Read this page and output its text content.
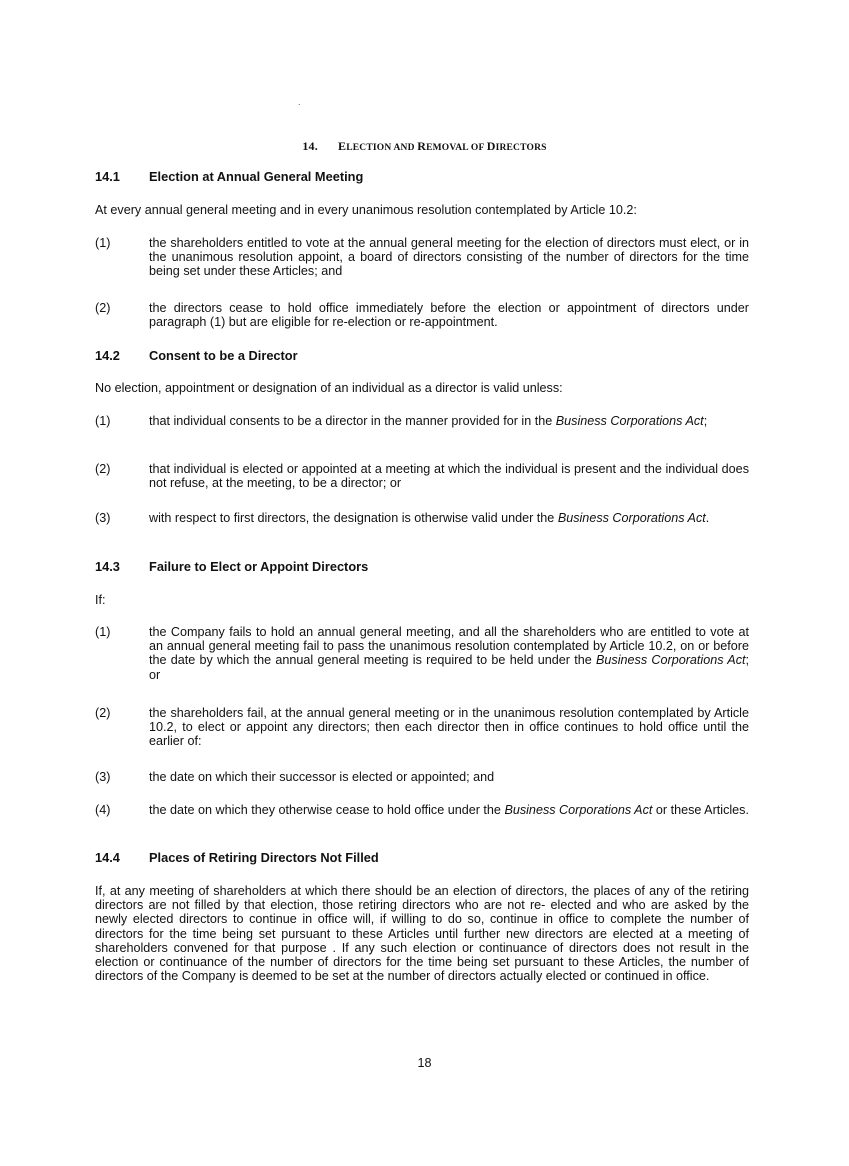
.
14. ELECTION AND REMOVAL OF DIRECTORS
14.1 Election at Annual General Meeting
At every annual general meeting and in every unanimous resolution contemplated by Article 10.2:
(1)	the shareholders entitled to vote at the annual general meeting for the election of directors must elect, or in the unanimous resolution appoint, a board of directors consisting of the number of directors for the time being set under these Articles; and
(2)	the directors cease to hold office immediately before the election or appointment of directors under paragraph (1) but are eligible for re-election or re-appointment.
14.2 Consent to be a Director
No election, appointment or designation of an individual as a director is valid unless:
(1)	that individual consents to be a director in the manner provided for in the Business Corporations Act;
(2)	that individual is elected or appointed at a meeting at which the individual is present and the individual does not refuse, at the meeting, to be a director; or
(3)	with respect to first directors, the designation is otherwise valid under the Business Corporations Act.
14.3 Failure to Elect or Appoint Directors
If:
(1)	the Company fails to hold an annual general meeting, and all the shareholders who are entitled to vote at an annual general meeting fail to pass the unanimous resolution contemplated by Article 10.2, on or before the date by which the annual general meeting is required to be held under the Business Corporations Act; or
(2)	the shareholders fail, at the annual general meeting or in the unanimous resolution contemplated by Article 10.2, to elect or appoint any directors; then each director then in office continues to hold office until the earlier of:
(3)	the date on which their successor is elected or appointed; and
(4)	the date on which they otherwise cease to hold office under the Business Corporations Act or these Articles.
14.4 Places of Retiring Directors Not Filled
If, at any meeting of shareholders at which there should be an election of directors, the places of any of the retiring directors are not filled by that election, those retiring directors who are not re- elected and who are asked by the newly elected directors to continue in office will, if willing to do so, continue in office to complete the number of directors for the time being set pursuant to these Articles until further new directors are elected at a meeting of shareholders convened for that purpose . If any such election or continuance of directors does not result in the election or continuance of the number of directors for the time being set pursuant to these Articles, the number of directors of the Company is deemed to be set at the number of directors actually elected or continued in office.
18
